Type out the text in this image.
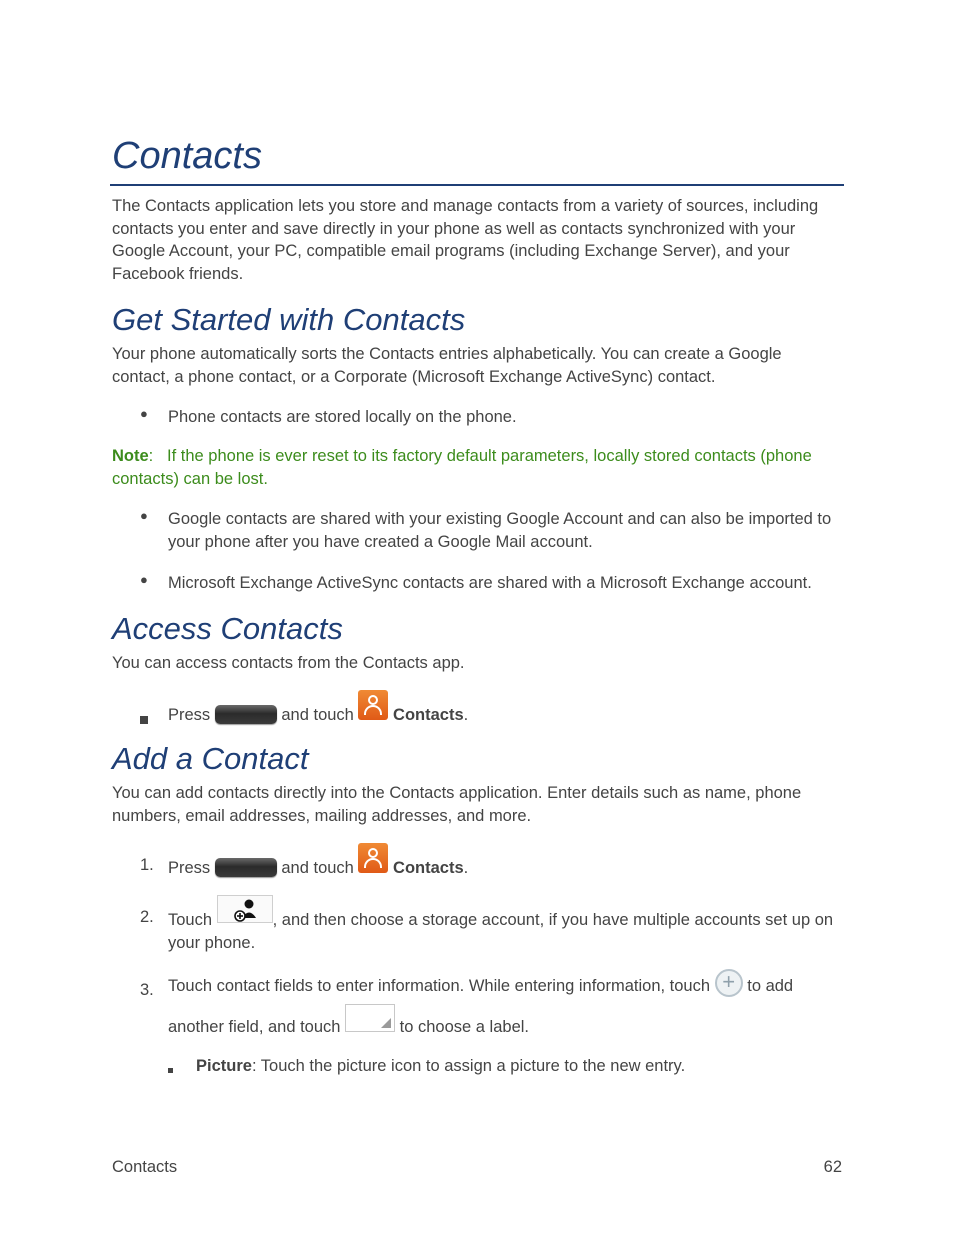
Contacts

The Contacts application lets you store and manage contacts from a variety of sources, including contacts you enter and save directly in your phone as well as contacts synchronized with your Google Account, your PC, compatible email programs (including Exchange Server), and your Facebook friends.

Get Started with Contacts

Your phone automatically sorts the Contacts entries alphabetically. You can create a Google contact, a phone contact, or a Corporate (Microsoft Exchange ActiveSync) contact.

●	Phone contacts are stored locally on the phone.

Note:   If the phone is ever reset to its factory default parameters, locally stored contacts (phone contacts) can be lost.

●	Google contacts are shared with your existing Google Account and can also be imported to your phone after you have created a Google Mail account.

●	Microsoft Exchange ActiveSync contacts are shared with a Microsoft Exchange account.

Access Contacts

You can access contacts from the Contacts app.

Press	and touch Contacts.

Add a Contact

You can add contacts directly into the Contacts application. Enter details such as name, phone numbers, email addresses, mailing addresses, and more.

1. Press	and touch Contacts.

2. Touch	, and then choose a storage account, if you have multiple accounts set up on your phone.

3. Touch contact fields to enter information. While entering information, touch + to add another field, and touch	to choose a label.

Picture: Touch the picture icon to assign a picture to the new entry.

Contacts	62
